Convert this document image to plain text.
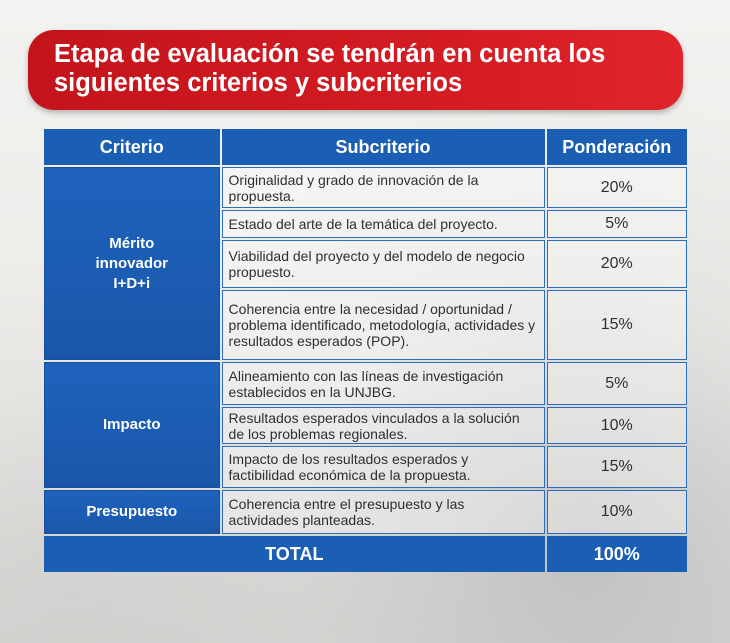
Etapa de evaluación se tendrán en cuenta los siguientes criterios y subcriterios
Criterio	Subcriterio	Ponderación
Mérito innovador I+D+i	Originalidad y grado de innovación de la propuesta.	20%
	Estado del arte de la temática del proyecto.	5%
	Viabilidad del proyecto y del modelo de negocio propuesto.	20%
	Coherencia entre la necesidad / oportunidad / problema identificado, metodología, actividades y resultados esperados (POP).	15%
Impacto	Alineamiento con las líneas de investigación establecidos en la UNJBG.	5%
	Resultados esperados vinculados a la solución de los problemas regionales.	10%
	Impacto de los resultados esperados y factibilidad económica de la propuesta.	15%
Presupuesto	Coherencia entre el presupuesto y las actividades planteadas.	10%
TOTAL		100%
